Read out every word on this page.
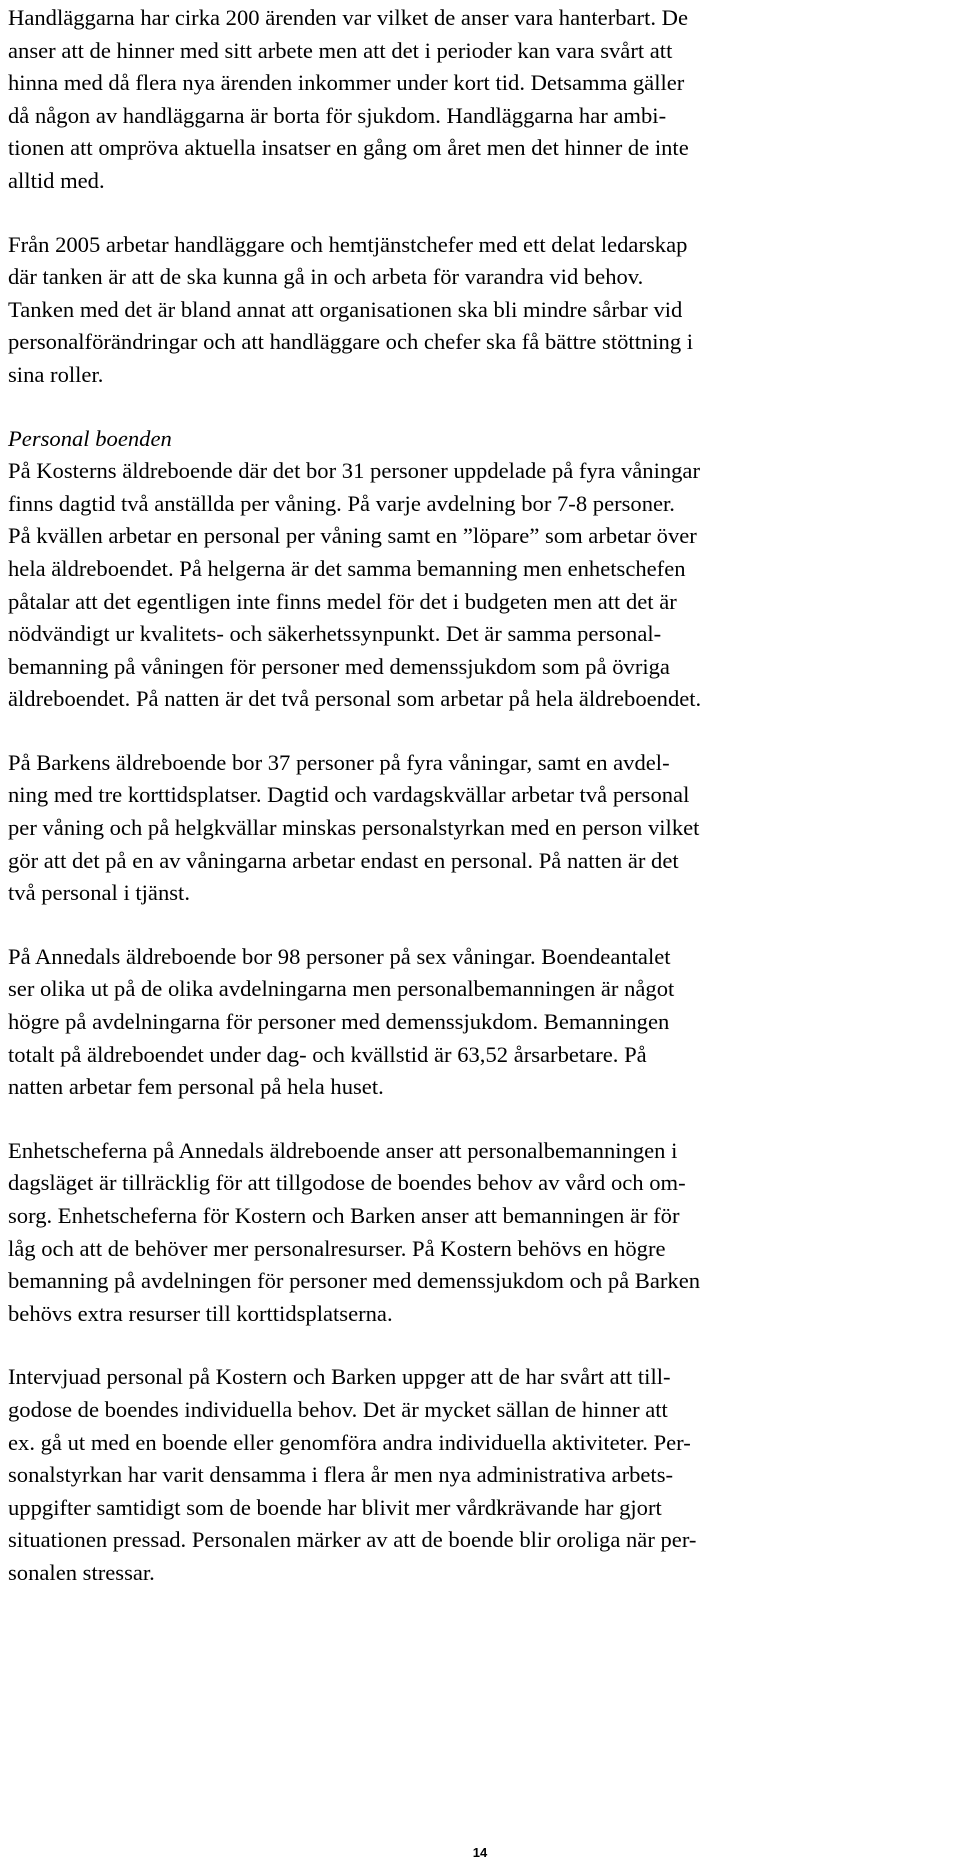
Handläggarna har cirka 200 ärenden var vilket de anser vara hanterbart. De
anser att de hinner med sitt arbete men att det i perioder kan vara svårt att
hinna med då flera nya ärenden inkommer under kort tid. Detsamma gäller
då någon av handläggarna är borta för sjukdom. Handläggarna har ambi-
tionen att ompröva aktuella insatser en gång om året men det hinner de inte
alltid med.
Från 2005 arbetar handläggare och hemtjänstchefer med ett delat ledarskap
där tanken är att de ska kunna gå in och arbeta för varandra vid behov.
Tanken med det är bland annat att organisationen ska bli mindre sårbar vid
personalförändringar och att handläggare och chefer ska få bättre stöttning i
sina roller.
Personal boenden
På Kosterns äldreboende där det bor 31 personer uppdelade på fyra våningar
finns dagtid två anställda per våning. På varje avdelning bor 7-8 personer.
På kvällen arbetar en personal per våning samt en ”löpare” som arbetar över
hela äldreboendet. På helgerna är det samma bemanning men enhetschefen
påtalar att det egentligen inte finns medel för det i budgeten men att det är
nödvändigt ur kvalitets- och säkerhetssynpunkt. Det är samma personal-
bemanning på våningen för personer med demenssjukdom som på övriga
äldreboendet. På natten är det två personal som arbetar på hela äldreboendet.
På Barkens äldreboende bor 37 personer på fyra våningar, samt en avdel-
ning med tre korttidsplatser. Dagtid och vardagskvällar arbetar två personal
per våning och på helgkvällar minskas personalstyrkan med en person vilket
gör att det på en av våningarna arbetar endast en personal. På natten är det
två personal i tjänst.
På Annedals äldreboende bor 98 personer på sex våningar. Boendeantalet
ser olika ut på de olika avdelningarna men personalbemanningen är något
högre på avdelningarna för personer med demenssjukdom. Bemanningen
totalt på äldreboendet under dag- och kvällstid är 63,52 årsarbetare. På
natten arbetar fem personal på hela huset.
Enhetscheferna på Annedals äldreboende anser att personalbemanningen i
dagsläget är tillräcklig för att tillgodose de boendes behov av vård och om-
sorg. Enhetscheferna för Kostern och Barken anser att bemanningen är för
låg och att de behöver mer personalresurser. På Kostern behövs en högre
bemanning på avdelningen för personer med demenssjukdom och på Barken
behövs extra resurser till korttidsplatserna.
Intervjuad personal på Kostern och Barken uppger att de har svårt att till-
godose de boendes individuella behov. Det är mycket sällan de hinner att
ex. gå ut med en boende eller genomföra andra individuella aktiviteter. Per-
sonalstyrkan har varit densamma i flera år men nya administrativa arbets-
uppgifter samtidigt som de boende har blivit mer vårdkrävande har gjort
situationen pressad. Personalen märker av att de boende blir oroliga när per-
sonalen stressar.
14
